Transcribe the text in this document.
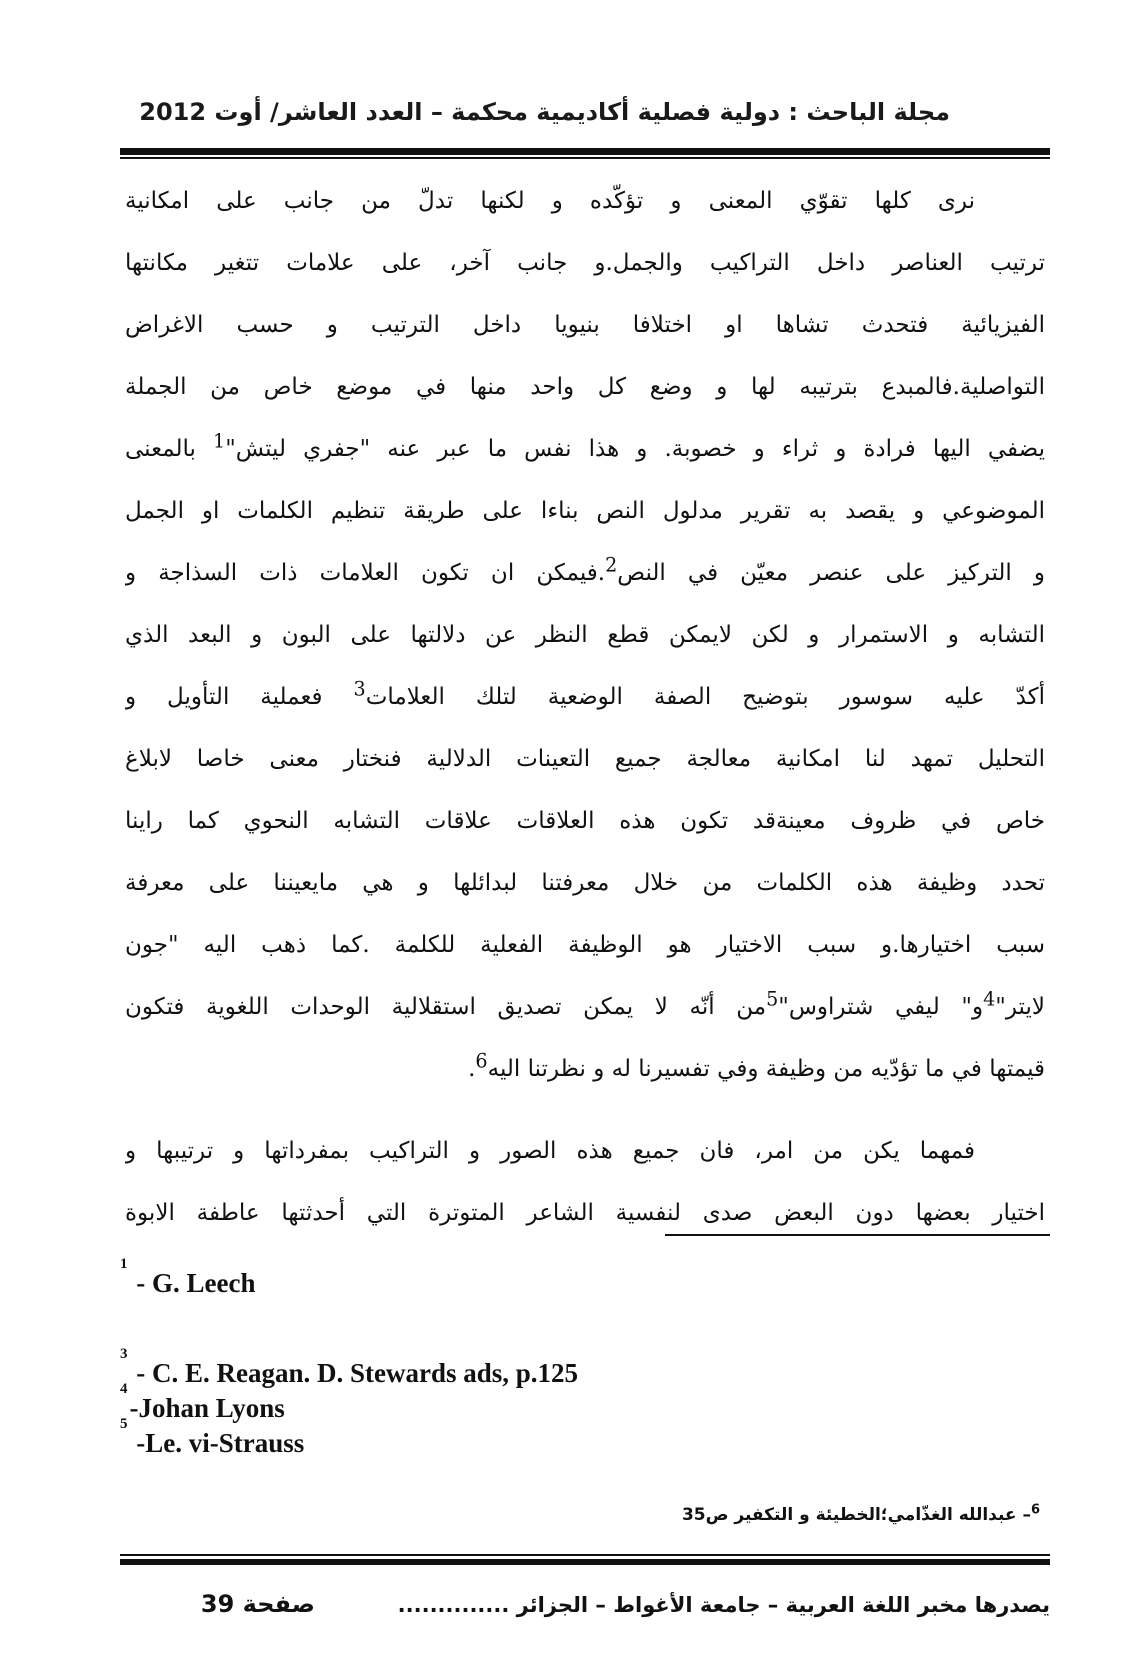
مجلة الباحث : دولية فصلية أكاديمية محكمة – العدد العاشر/ أوت 2012

نرى كلها تقوّي المعنى و تؤكّده و لكنها تدلّ من جانب على امكانية
ترتيب العناصر داخل التراكيب والجمل.و جانب آخر، على علامات تتغير مكانتها
الفيزيائية فتحدث تشاها او اختلافا بنيويا داخل الترتيب و حسب الاغراض
التواصلية.فالمبدع بترتيبه لها و وضع كل واحد منها في موضع خاص من الجملة
يضفي اليها فرادة و ثراء و خصوبة. و هذا نفس ما عبر عنه "جفري ليتش"$^1$ بالمعنى
الموضوعي و يقصد به تقرير مدلول النص بناءا على طريقة تنظيم الكلمات او الجمل
و التركيز على عنصر معيّن في النص$^2$.فيمكن ان تكون العلامات ذات السذاجة و
التشابه و الاستمرار و لكن لايمكن قطع النظر عن دلالتها على البون و البعد الذي
أكدّ عليه سوسور بتوضيح الصفة الوضعية لتلك العلامات$^3$ فعملية التأويل و
التحليل تمهد لنا امكانية معالجة جميع التعينات الدلالية فنختار معنى خاصا لابلاغ
خاص في ظروف معينةقد تكون هذه العلاقات علاقات التشابه النحوي كما راينا
تحدد وظيفة هذه الكلمات من خلال معرفتنا لبدائلها و هي مايعيننا على معرفة
سبب اختيارها.و سبب الاختيار هو الوظيفة الفعلية للكلمة .كما ذهب اليه "جون
لايتر"$^4$و" ليفي شتراوس"$^5$من أنّه لا يمكن تصديق استقلالية الوحدات اللغوية فتكون
قيمتها في ما تؤدّيه من وظيفة وفي تفسيرنا له و نظرتنا اليه$^6$.

فمهما يكن من امر، فان جميع هذه الصور و التراكيب بمفرداتها و ترتيبها و
اختيار بعضها دون البعض صدى لنفسية الشاعر المتوترة التي أحدثتها عاطفة الابوة

$^1$ - G. Leech
$^3$ - C. E. Reagan. D. Stewards ads, p.125
$^4$-Johan Lyons
$^5$ -Le. vi-Strauss
$^6$– عبدالله الغذّامي؛الخطيئة و التكفير ص35
يصدرها مخبر اللغة العربية – جامعة الأغواط – الجزائر ..............
صفحة 39
